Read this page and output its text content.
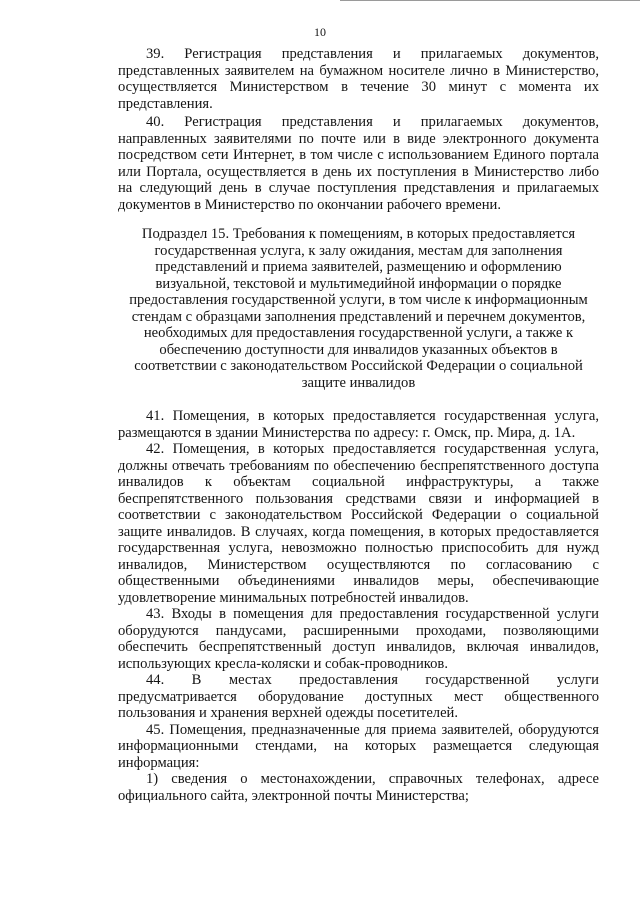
10

39. Регистрация представления и прилагаемых документов, представленных заявителем на бумажном носителе лично в Министерство, осуществляется Министерством в течение 30 минут с момента их представления.

40. Регистрация представления и прилагаемых документов, направленных заявителями по почте или в виде электронного документа посредством сети Интернет, в том числе с использованием Единого портала или Портала, осуществляется в день их поступления в Министерство либо на следующий день в случае поступления представления и прилагаемых документов в Министерство по окончании рабочего времени.

Подраздел 15. Требования к помещениям, в которых предоставляется государственная услуга, к залу ожидания, местам для заполнения представлений и приема заявителей, размещению и оформлению визуальной, текстовой и мультимедийной информации о порядке предоставления государственной услуги, в том числе к информационным стендам с образцами заполнения представлений и перечнем документов, необходимых для предоставления государственной услуги, а также к обеспечению доступности для инвалидов указанных объектов в соответствии с законодательством Российской Федерации о социальной защите инвалидов

41. Помещения, в которых предоставляется государственная услуга, размещаются в здании Министерства по адресу: г. Омск, пр. Мира, д. 1А.

42. Помещения, в которых предоставляется государственная услуга, должны отвечать требованиям по обеспечению беспрепятственного доступа инвалидов к объектам социальной инфраструктуры, а также беспрепятственного пользования средствами связи и информацией в соответствии с законодательством Российской Федерации о социальной защите инвалидов. В случаях, когда помещения, в которых предоставляется государственная услуга, невозможно полностью приспособить для нужд инвалидов, Министерством осуществляются по согласованию с общественными объединениями инвалидов меры, обеспечивающие удовлетворение минимальных потребностей инвалидов.

43. Входы в помещения для предоставления государственной услуги оборудуются пандусами, расширенными проходами, позволяющими обеспечить беспрепятственный доступ инвалидов, включая инвалидов, использующих кресла-коляски и собак-проводников.

44. В местах предоставления государственной услуги предусматривается оборудование доступных мест общественного пользования и хранения верхней одежды посетителей.

45. Помещения, предназначенные для приема заявителей, оборудуются информационными стендами, на которых размещается следующая информация:

1) сведения о местонахождении, справочных телефонах, адресе официального сайта, электронной почты Министерства;
